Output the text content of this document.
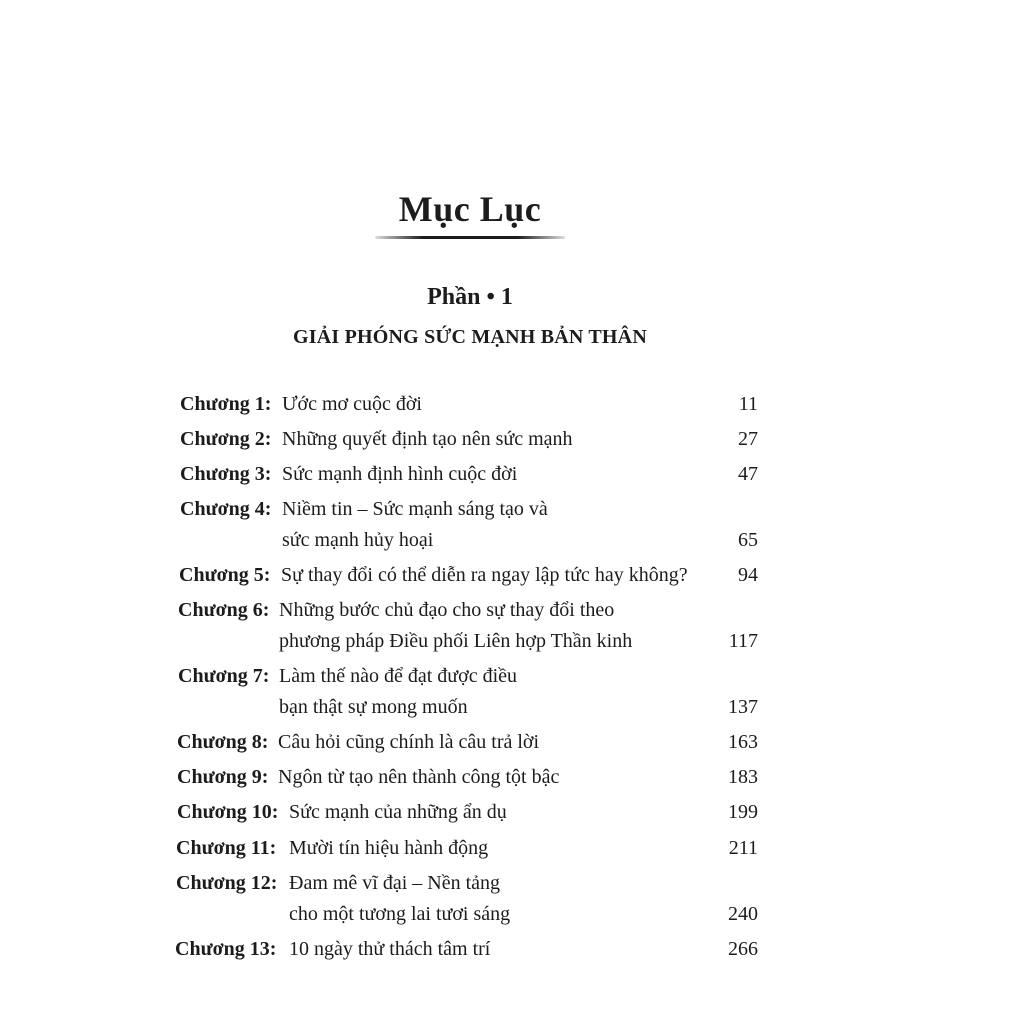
Mục Lục
Phần • 1
GIẢI PHÓNG SỨC MẠNH BẢN THÂN
Chương 1: Ước mơ cuộc đời	11
Chương 2: Những quyết định tạo nên sức mạnh	27
Chương 3: Sức mạnh định hình cuộc đời	47
Chương 4: Niềm tin – Sức mạnh sáng tạo và
sức mạnh hủy hoại	65
Chương 5: Sự thay đổi có thể diễn ra ngay lập tức hay không?	94
Chương 6: Những bước chủ đạo cho sự thay đổi theo
phương pháp Điều phối Liên hợp Thần kinh	117
Chương 7: Làm thế nào để đạt được điều
bạn thật sự mong muốn	137
Chương 8: Câu hỏi cũng chính là câu trả lời	163
Chương 9: Ngôn từ tạo nên thành công tột bậc	183
Chương 10: Sức mạnh của những ẩn dụ	199
Chương 11: Mười tín hiệu hành động	211
Chương 12: Đam mê vĩ đại – Nền tảng
cho một tương lai tươi sáng	240
Chương 13: 10 ngày thử thách tâm trí	266
